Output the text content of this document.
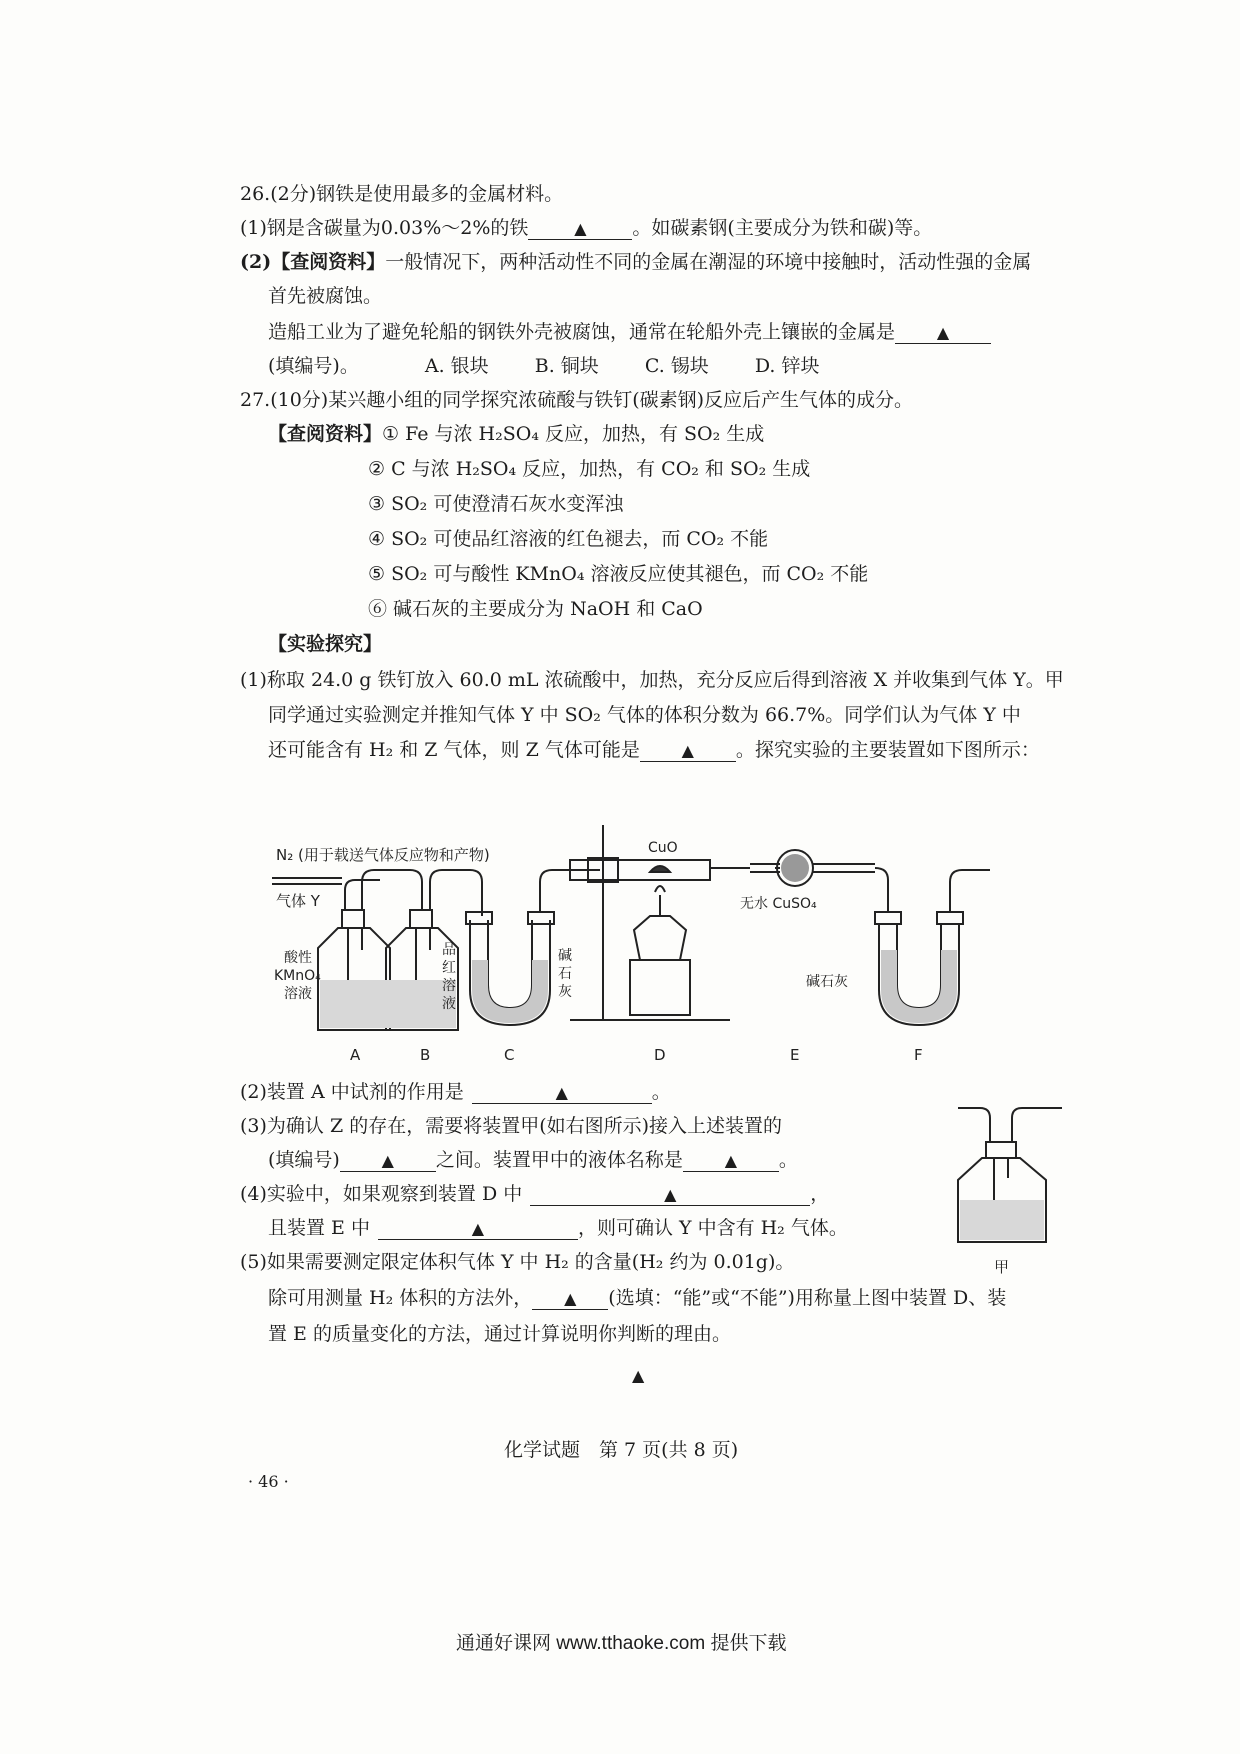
26.(2分)钢铁是使用最多的金属材料。
(1)钢是含碳量为0.03%～2%的铁	▲ 。如碳素钢(主要成分为铁和碳)等。
(2)【查阅资料】一般情况下，两种活动性不同的金属在潮湿的环境中接触时，活动性强的金属
首先被腐蚀。
造船工业为了避免轮船的钢铁外壳被腐蚀，通常在轮船外壳上镶嵌的金属是	▲
(填编号)。	A. 银块 B. 铜块 C. 锡块 D. 锌块
27.(10分)某兴趣小组的同学探究浓硫酸与铁钉(碳素钢)反应后产生气体的成分。
【查阅资料】① Fe 与浓 H₂SO₄ 反应，加热，有 SO₂ 生成
② C 与浓 H₂SO₄ 反应，加热，有 CO₂ 和 SO₂ 生成
③ SO₂ 可使澄清石灰水变浑浊
④ SO₂ 可使品红溶液的红色褪去，而 CO₂ 不能
⑤ SO₂ 可与酸性 KMnO₄ 溶液反应使其褪色，而 CO₂ 不能
⑥ 碱石灰的主要成分为 NaOH 和 CaO
【实验探究】
(1)称取 24.0 g 铁钉放入 60.0 mL 浓硫酸中，加热，充分反应后得到溶液 X 并收集到气体 Y。甲
同学通过实验测定并推知气体 Y 中 SO₂ 气体的体积分数为 66.7%。同学们认为气体 Y 中
还可能含有 H₂ 和 Z 气体，则 Z 气体可能是	▲ 。探究实验的主要装置如下图所示：
N₂ (用于载送气体反应物和产物)
气体 Y
酸性
KMnO₄
溶液
品
红
溶
液
碱
石
灰
CuO
无水 CuSO₄
碱石灰
A	B	C	D	E	F
(2)装置 A 中试剂的作用是	▲	。
(3)为确认 Z 的存在，需要将装置甲(如右图所示)接入上述装置的
(填编号)	▲ 之间。装置甲中的液体名称是	▲ 。
(4)实验中，如果观察到装置 D 中	▲	，
且装置 E 中	▲	，则可确认 Y 中含有 H₂ 气体。
(5)如果需要测定限定体积气体 Y 中 H₂ 的含量(H₂ 约为 0.01g)。
除可用测量 H₂ 体积的方法外， ▲ (选填：“能”或“不能”)用称量上图中装置 D、装
置 E 的质量变化的方法，通过计算说明你判断的理由。
▲
甲
化学试题　第 7 页(共 8 页)
· 46 ·
通通好课网 www.tthaoke.com 提供下载
